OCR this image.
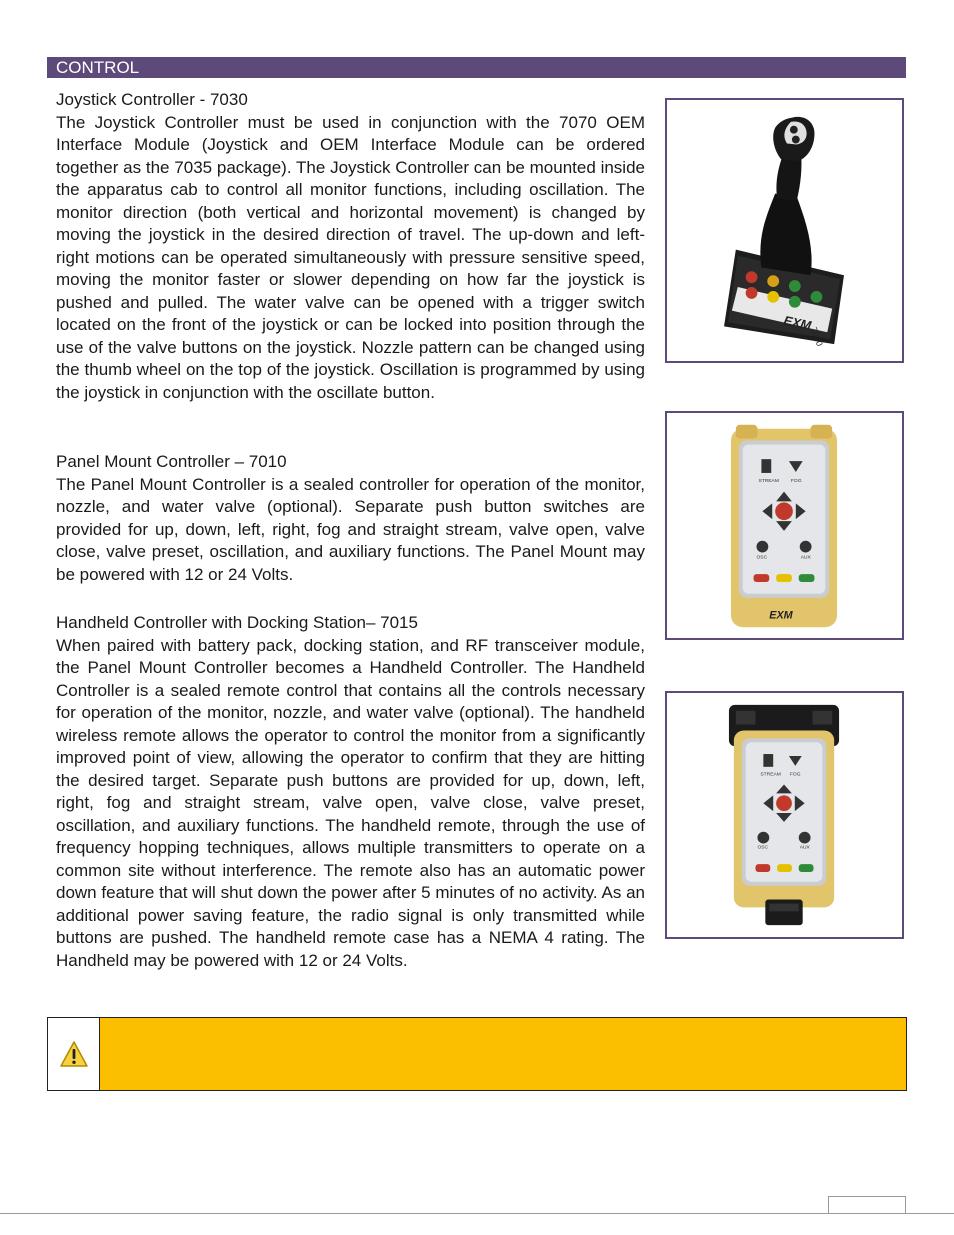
CONTROL
Joystick Controller - 7030

The Joystick Controller must be used in conjunction with the 7070 OEM Interface Module (Joystick and OEM Interface Module can be ordered together as the 7035 package). The Joystick Controller can be mounted inside the apparatus cab to control all monitor functions, including oscillation. The monitor direction (both vertical and horizontal movement) is changed by moving the joystick in the desired direction of travel. The up-down and left-right motions can be operated simultaneously with pressure sensitive speed, moving the monitor faster or slower depending on how far the joystick is pushed and pulled. The water valve can be opened with a trigger switch located on the front of the joystick or can be locked into position through the use of the valve buttons on the joystick. Nozzle pattern can be changed using the thumb wheel on the top of the joystick. Oscillation is programmed by using the joystick in conjunction with the oscillate button.

Panel Mount Controller – 7010

The Panel Mount Controller is a sealed controller for operation of the monitor, nozzle, and water valve (optional). Separate push button switches are provided for up, down, left, right, fog and straight stream, valve open, valve close, valve preset, oscillation, and auxiliary functions. The Panel Mount may be powered with 12 or 24 Volts.

Handheld Controller with Docking Station– 7015

When paired with battery pack, docking station, and RF transceiver module, the Panel Mount Controller becomes a Handheld Controller. The Handheld Controller is a sealed remote control that contains all the controls necessary for operation of the monitor, nozzle, and water valve (optional). The handheld wireless remote allows the operator to control the monitor from a significantly improved point of view, allowing the operator to confirm that they are hitting the desired target. Separate push buttons are provided for up, down, left, right, fog and straight stream, valve open, valve close, valve preset, oscillation, and auxiliary functions. The handheld remote, through the use of frequency hopping techniques, allows multiple transmitters to operate on a common site without interference. The remote also has an automatic power down feature that will shut down the power after 5 minutes of no activity. As an additional power saving feature, the radio signal is only transmitted while buttons are pushed. The handheld remote case has a NEMA 4 rating. The Handheld may be powered with 12 or 24 Volts.

EXM
7030
STREAM FOG
OSC	AUX
EXM
STREAM FOG
OSC	AUX
